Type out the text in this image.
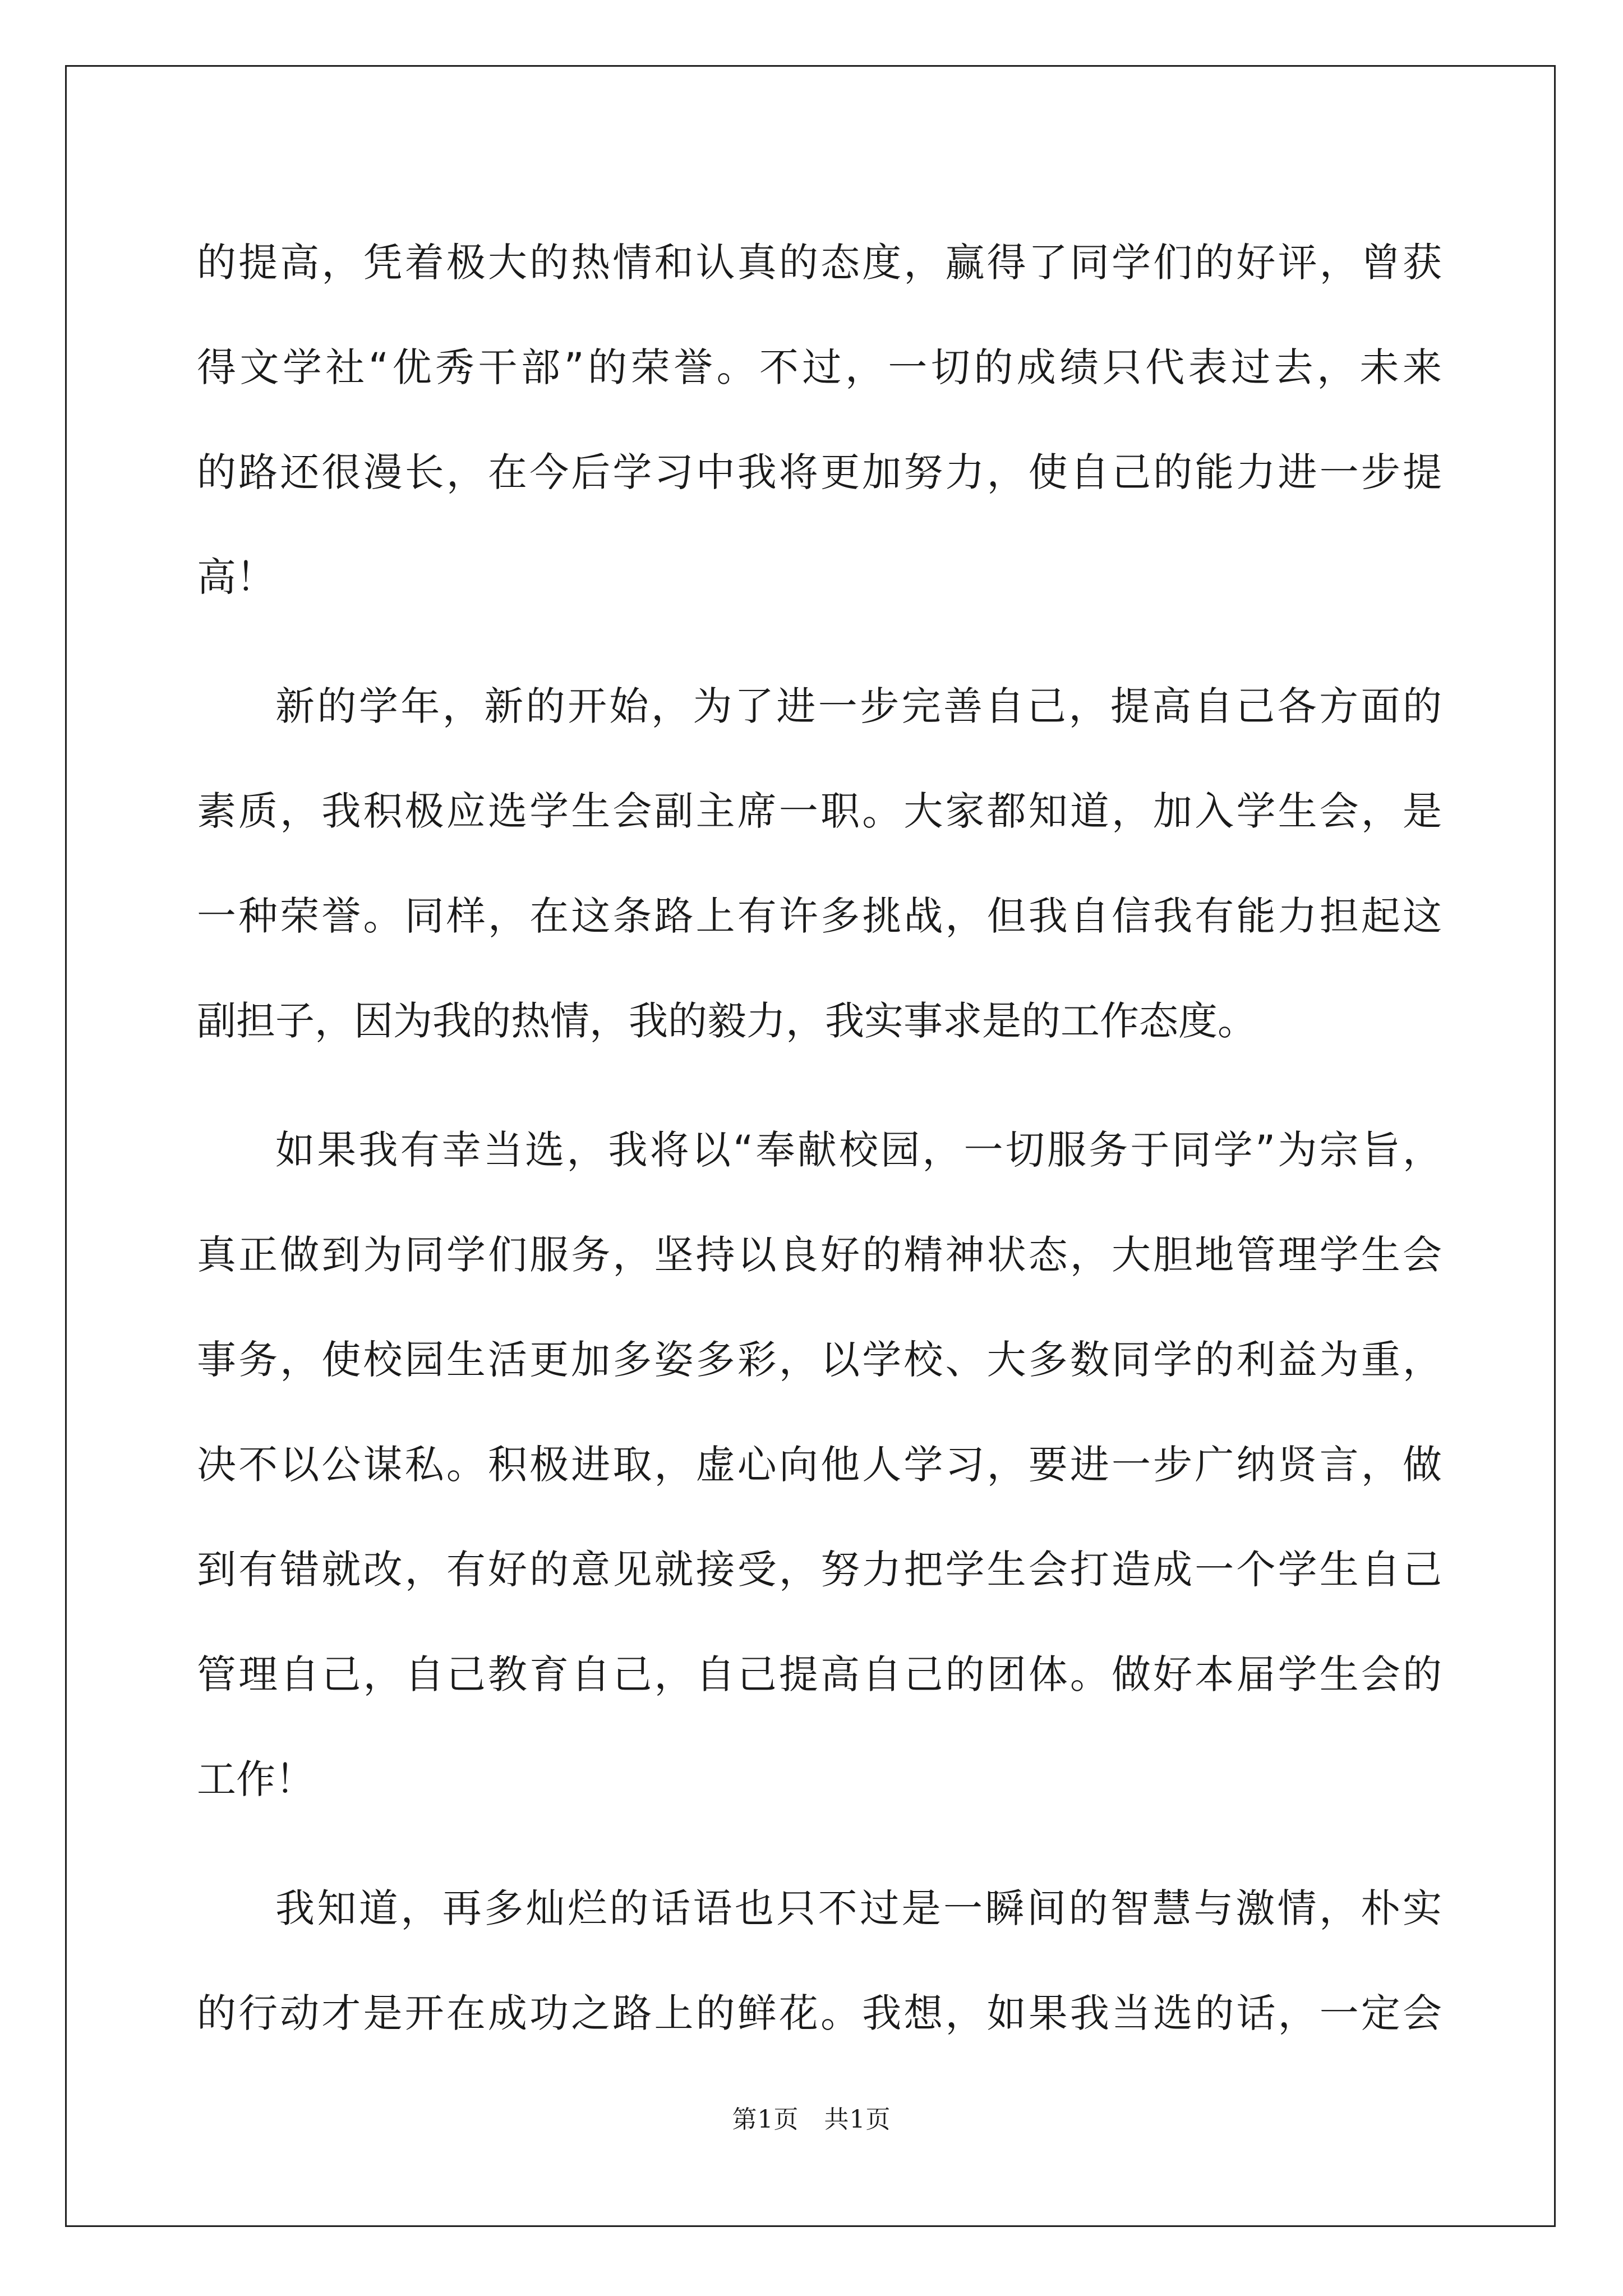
的提高，凭着极大的热情和认真的态度，赢得了同学们的好评，曾获
得文学社“优秀干部”的荣誉。不过，一切的成绩只代表过去，未来
的路还很漫长，在今后学习中我将更加努力，使自己的能力进一步提
高！
新的学年，新的开始，为了进一步完善自己，提高自己各方面的
素质，我积极应选学生会副主席一职。大家都知道，加入学生会，是
一种荣誉。同样，在这条路上有许多挑战，但我自信我有能力担起这
副担子，因为我的热情，我的毅力，我实事求是的工作态度。
如果我有幸当选，我将以“奉献校园，一切服务于同学”为宗旨，
真正做到为同学们服务，坚持以良好的精神状态，大胆地管理学生会
事务，使校园生活更加多姿多彩，以学校、大多数同学的利益为重，
决不以公谋私。积极进取，虚心向他人学习，要进一步广纳贤言，做
到有错就改，有好的意见就接受，努力把学生会打造成一个学生自己
管理自己，自己教育自己，自己提高自己的团体。做好本届学生会的
工作！
我知道，再多灿烂的话语也只不过是一瞬间的智慧与激情，朴实
的行动才是开在成功之路上的鲜花。我想，如果我当选的话，一定会
第1页 共1页
